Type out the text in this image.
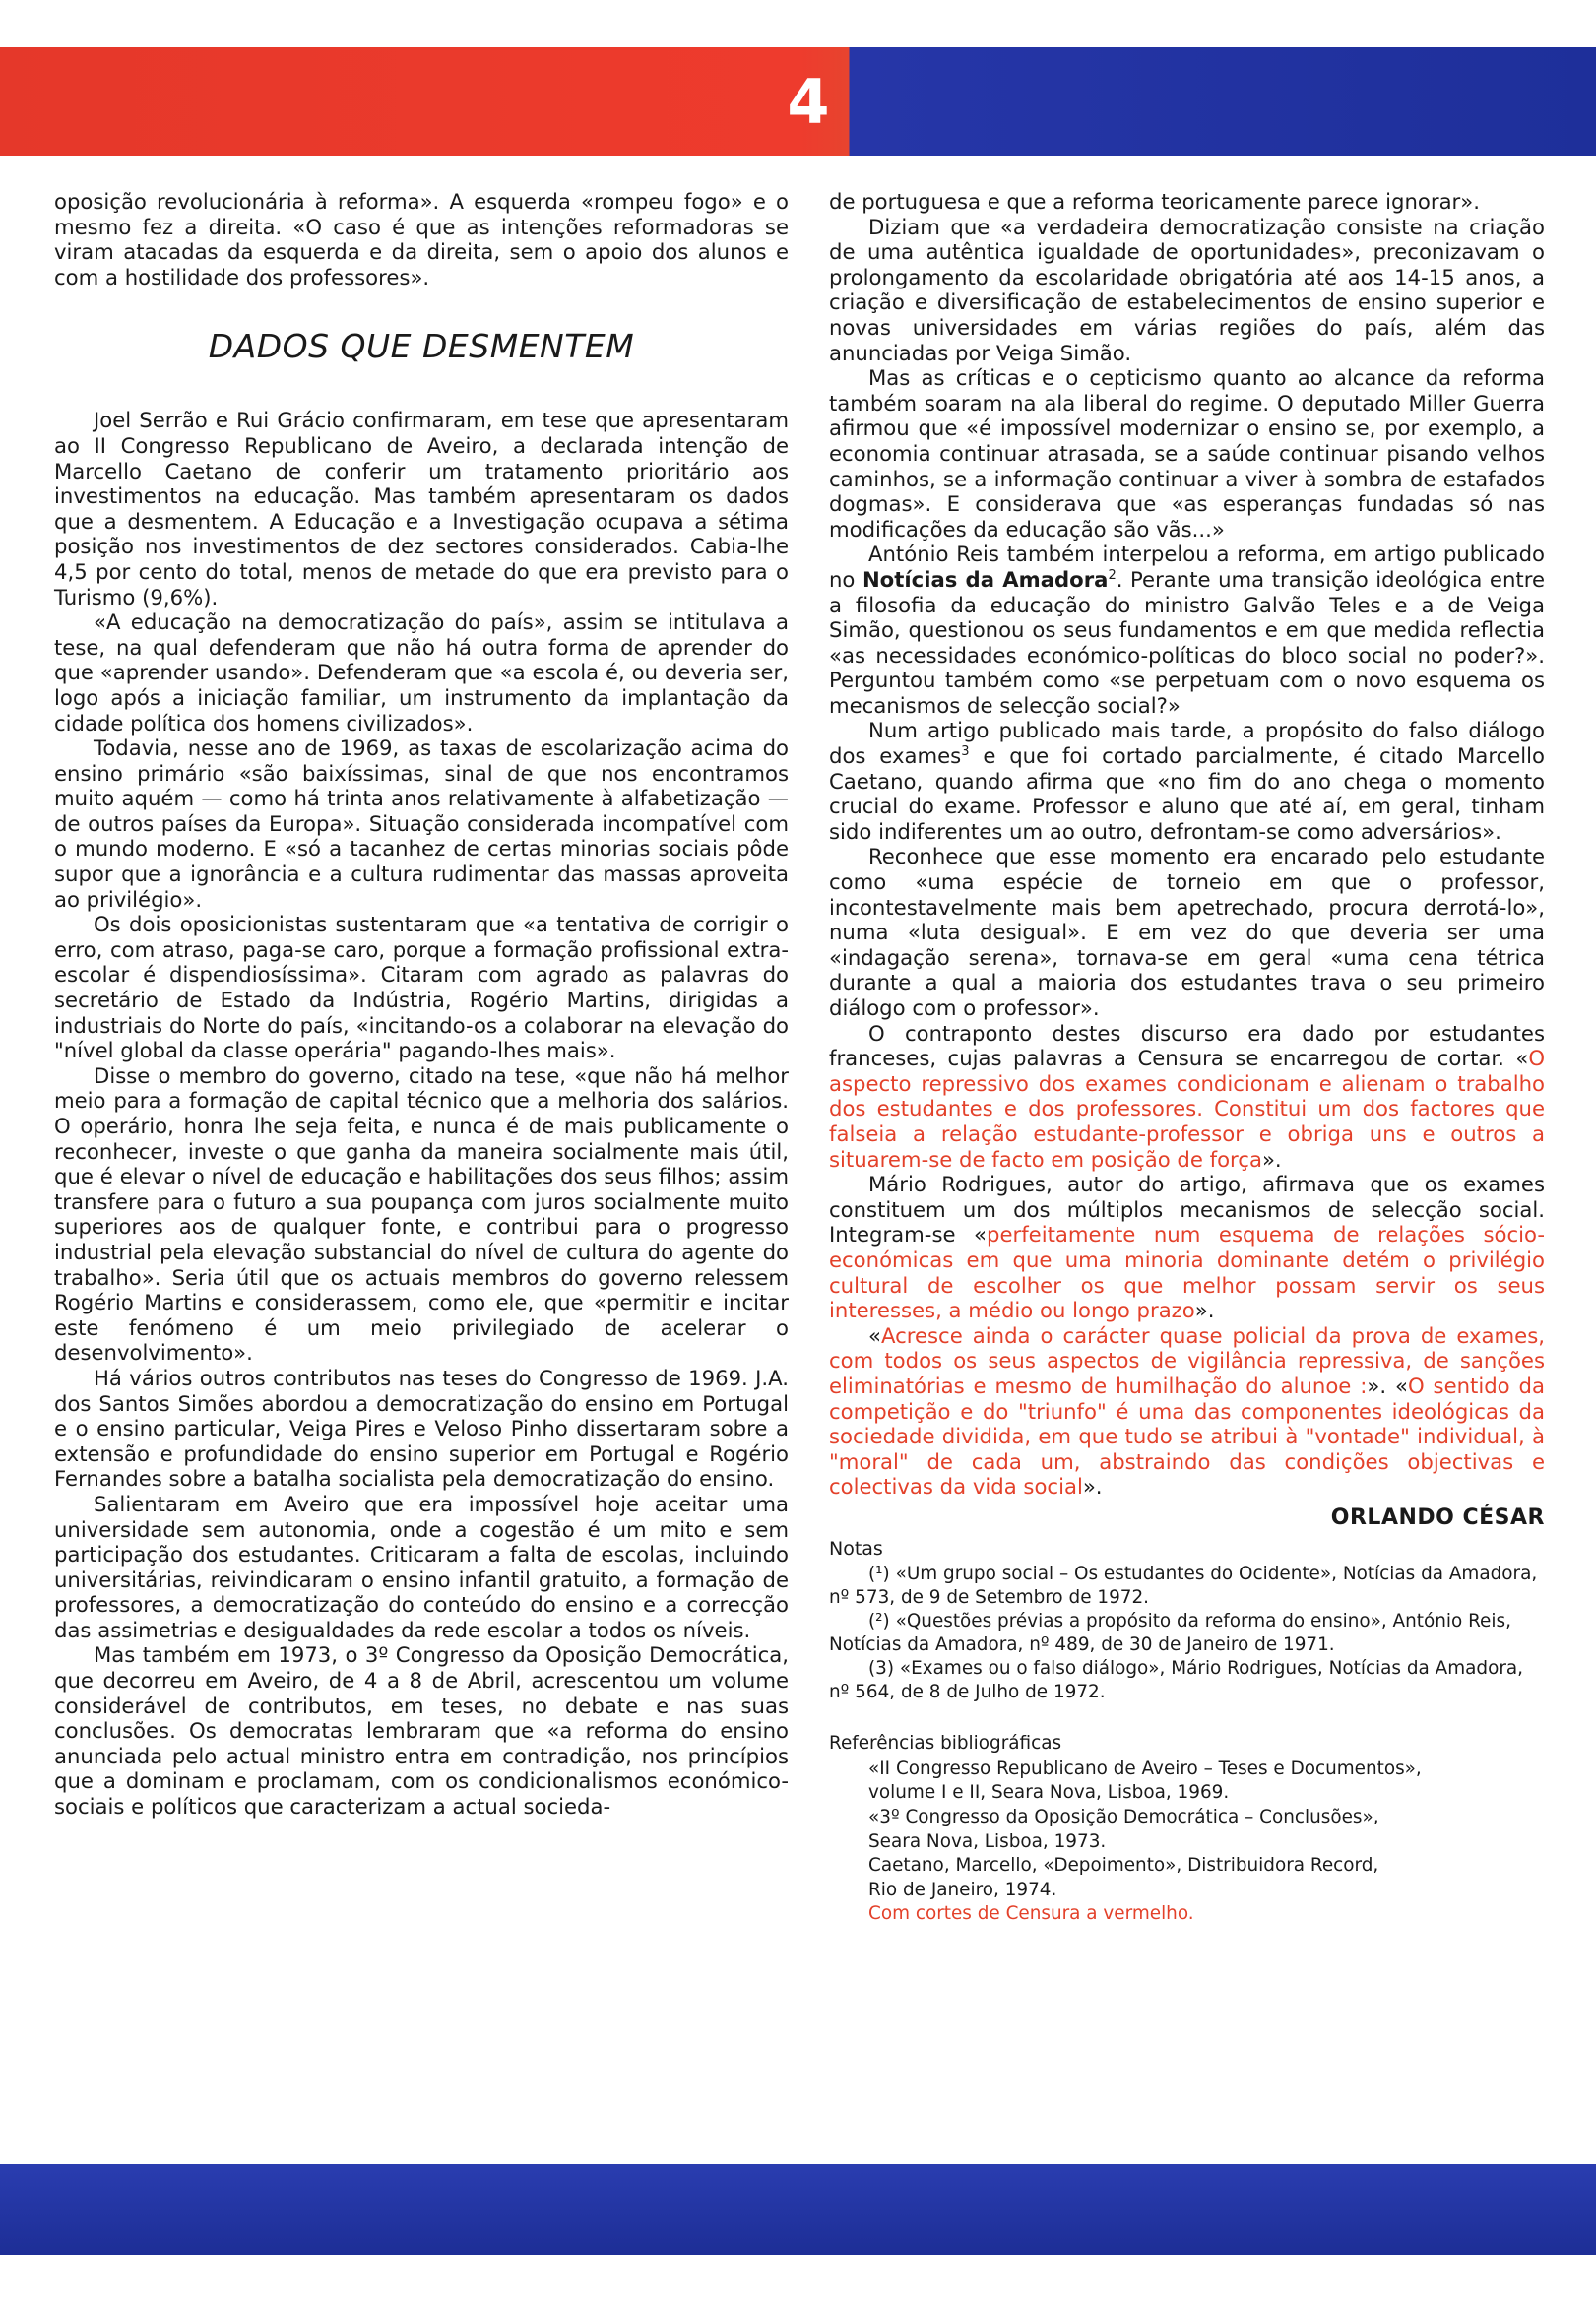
4

oposição revolucionária à reforma». A esquerda «rompeu fogo» e o mesmo fez a direita. «O caso é que as intenções reformadoras se viram atacadas da esquerda e da direita, sem o apoio dos alunos e com a hostilidade dos professores».

DADOS QUE DESMENTEM

Joel Serrão e Rui Grácio confirmaram, em tese que apresentaram ao II Congresso Republicano de Aveiro, a declarada intenção de Marcello Caetano de conferir um tratamento prioritário aos investimentos na educação. Mas também apresentaram os dados que a desmentem. A Educação e a Investigação ocupava a sétima posição nos investimentos de dez sectores considerados. Cabia-lhe 4,5 por cento do total, menos de metade do que era previsto para o Turismo (9,6%).

«A educação na democratização do país», assim se intitulava a tese, na qual defenderam que não há outra forma de aprender do que «aprender usando». Defenderam que «a escola é, ou deveria ser, logo após a iniciação familiar, um instrumento da implantação da cidade política dos homens civilizados».

Todavia, nesse ano de 1969, as taxas de escolarização acima do ensino primário «são baixíssimas, sinal de que nos encontramos muito aquém — como há trinta anos relativamente à alfabetização — de outros países da Europa». Situação considerada incompatível com o mundo moderno. E «só a tacanhez de certas minorias sociais pôde supor que a ignorância e a cultura rudimentar das massas aproveita ao privilégio».

Os dois oposicionistas sustentaram que «a tentativa de corrigir o erro, com atraso, paga-se caro, porque a formação profissional extra-escolar é dispendiosíssima». Citaram com agrado as palavras do secretário de Estado da Indústria, Rogério Martins, dirigidas a industriais do Norte do país, «incitando-os a colaborar na elevação do "nível global da classe operária" pagando-lhes mais».

Disse o membro do governo, citado na tese, «que não há melhor meio para a formação de capital técnico que a melhoria dos salários. O operário, honra lhe seja feita, e nunca é de mais publicamente o reconhecer, investe o que ganha da maneira socialmente mais útil, que é elevar o nível de educação e habilitações dos seus filhos; assim transfere para o futuro a sua poupança com juros socialmente muito superiores aos de qualquer fonte, e contribui para o progresso industrial pela elevação substancial do nível de cultura do agente do trabalho». Seria útil que os actuais membros do governo relessem Rogério Martins e considerassem, como ele, que «permitir e incitar este fenómeno é um meio privilegiado de acelerar o desenvolvimento».

Há vários outros contributos nas teses do Congresso de 1969. J.A. dos Santos Simões abordou a democratização do ensino em Portugal e o ensino particular, Veiga Pires e Veloso Pinho dissertaram sobre a extensão e profundidade do ensino superior em Portugal e Rogério Fernandes sobre a batalha socialista pela democratização do ensino.

Salientaram em Aveiro que era impossível hoje aceitar uma universidade sem autonomia, onde a cogestão é um mito e sem participação dos estudantes. Criticaram a falta de escolas, incluindo universitárias, reivindicaram o ensino infantil gratuito, a formação de professores, a democratização do conteúdo do ensino e a correcção das assimetrias e desigualdades da rede escolar a todos os níveis.

Mas também em 1973, o 3º Congresso da Oposição Democrática, que decorreu em Aveiro, de 4 a 8 de Abril, acrescentou um volume considerável de contributos, em teses, no debate e nas suas conclusões. Os democratas lembraram que «a reforma do ensino anunciada pelo actual ministro entra em contradição, nos princípios que a dominam e proclamam, com os condicionalismos económico-sociais e políticos que caracterizam a actual socieda-

de portuguesa e que a reforma teoricamente parece ignorar».

Diziam que «a verdadeira democratização consiste na criação de uma autêntica igualdade de oportunidades», preconizavam o prolongamento da escolaridade obrigatória até aos 14-15 anos, a criação e diversificação de estabelecimentos de ensino superior e novas universidades em várias regiões do país, além das anunciadas por Veiga Simão.

Mas as críticas e o cepticismo quanto ao alcance da reforma também soaram na ala liberal do regime. O deputado Miller Guerra afirmou que «é impossível modernizar o ensino se, por exemplo, a economia continuar atrasada, se a saúde continuar pisando velhos caminhos, se a informação continuar a viver à sombra de estafados dogmas». E considerava que «as esperanças fundadas só nas modificações da educação são vãs...»

António Reis também interpelou a reforma, em artigo publicado no Notícias da Amadora$^2$. Perante uma transição ideológica entre a filosofia da educação do ministro Galvão Teles e a de Veiga Simão, questionou os seus fundamentos e em que medida reflectia «as necessidades económico-políticas do bloco social no poder?». Perguntou também como «se perpetuam com o novo esquema os mecanismos de selecção social?»

Num artigo publicado mais tarde, a propósito do falso diálogo dos exames$^3$ e que foi cortado parcialmente, é citado Marcello Caetano, quando afirma que «no fim do ano chega o momento crucial do exame. Professor e aluno que até aí, em geral, tinham sido indiferentes um ao outro, defrontam-se como adversários».

Reconhece que esse momento era encarado pelo estudante como «uma espécie de torneio em que o professor, incontestavelmente mais bem apetrechado, procura derrotá-lo», numa «luta desigual». E em vez do que deveria ser uma «indagação serena», tornava-se em geral «uma cena tétrica durante a qual a maioria dos estudantes trava o seu primeiro diálogo com o professor».

O contraponto destes discurso era dado por estudantes franceses, cujas palavras a Censura se encarregou de cortar. «O aspecto repressivo dos exames condicionam e alienam o trabalho dos estudantes e dos professores. Constitui um dos factores que falseia a relação estudante-professor e obriga uns e outros a situarem-se de facto em posição de força».

Mário Rodrigues, autor do artigo, afirmava que os exames constituem um dos múltiplos mecanismos de selecção social. Integram-se «perfeitamente num esquema de relações sócio-económicas em que uma minoria dominante detém o privilégio cultural de escolher os que melhor possam servir os seus interesses, a médio ou longo prazo».

«Acresce ainda o carácter quase policial da prova de exames, com todos os seus aspectos de vigilância repressiva, de sanções eliminatórias e mesmo de humilhação do alunoe :». «O sentido da competição e do "triunfo" é uma das componentes ideológicas da sociedade dividida, em que tudo se atribui à "vontade" individual, à "moral" de cada um, abstraindo das condições objectivas e colectivas da vida social».

ORLANDO CÉSAR
Notas

(¹) «Um grupo social – Os estudantes do Ocidente», Notícias da Amadora, nº 573, de 9 de Setembro de 1972.

(²) «Questões prévias a propósito da reforma do ensino», António Reis, Notícias da Amadora, nº 489, de 30 de Janeiro de 1971.

(3) «Exames ou o falso diálogo», Mário Rodrigues, Notícias da Amadora, nº 564, de 8 de Julho de 1972.

Referências bibliográficas

«II Congresso Republicano de Aveiro – Teses e Documentos»,

volume I e II, Seara Nova, Lisboa, 1969.

«3º Congresso da Oposição Democrática – Conclusões»,

Seara Nova, Lisboa, 1973.

Caetano, Marcello, «Depoimento», Distribuidora Record,

Rio de Janeiro, 1974.

Com cortes de Censura a vermelho.
